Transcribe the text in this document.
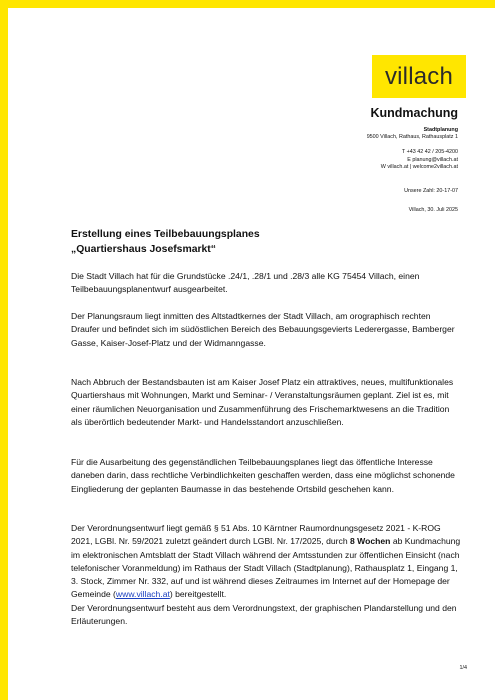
villach
Kundmachung
Stadtplanung
9500 Villach, Rathaus, Rathausplatz 1
T +43 42 42 / 205-4200
E planung@villach.at
W villach.at | welcome2villach.at
Unsere Zahl: 20-17-07
Villach, 30. Juli 2025
Erstellung eines Teilbebauungsplanes
„Quartiershaus Josefsmarkt“

Die Stadt Villach hat für die Grundstücke .24/1, .28/1 und .28/3 alle KG 75454 Villach, einen Teilbebauungsplanentwurf ausgearbeitet.

Der Planungsraum liegt inmitten des Altstadtkernes der Stadt Villach, am orographisch rechten Draufer und befindet sich im südöstlichen Bereich des Bebauungsgevierts Lederergasse, Bamberger Gasse, Kaiser-Josef-Platz und der Widmanngasse.

Nach Abbruch der Bestandsbauten ist am Kaiser Josef Platz ein attraktives, neues, multifunktionales Quartiershaus mit Wohnungen, Markt und Seminar- / Veranstaltungsräumen geplant. Ziel ist es, mit einer räumlichen Neuorganisation und Zusammenführung des Frischemarktwesens an die Tradition als überörtlich bedeutender Markt- und Handelsstandort anzuschließen.

Für die Ausarbeitung des gegenständlichen Teilbebauungsplanes liegt das öffentliche Interesse daneben darin, dass rechtliche Verbindlichkeiten geschaffen werden, dass eine möglichst schonende Eingliederung der geplanten Baumasse in das bestehende Ortsbild geschehen kann.

Der Verordnungsentwurf liegt gemäß § 51 Abs. 10 Kärntner Raumordnungsgesetz 2021 - K-ROG 2021, LGBl. Nr. 59/2021 zuletzt geändert durch LGBl. Nr. 17/2025, durch 8 Wochen ab Kundmachung im elektronischen Amtsblatt der Stadt Villach während der Amtsstunden zur öffentlichen Einsicht (nach telefonischer Voranmeldung) im Rathaus der Stadt Villach (Stadtplanung), Rathausplatz 1, Eingang 1, 3. Stock, Zimmer Nr. 332, auf und ist während dieses Zeitraumes im Internet auf der Homepage der Gemeinde (www.villach.at) bereitgestellt.

Der Verordnungsentwurf besteht aus dem Verordnungstext, der graphischen Plandarstellung und den Erläuterungen.

1/4
